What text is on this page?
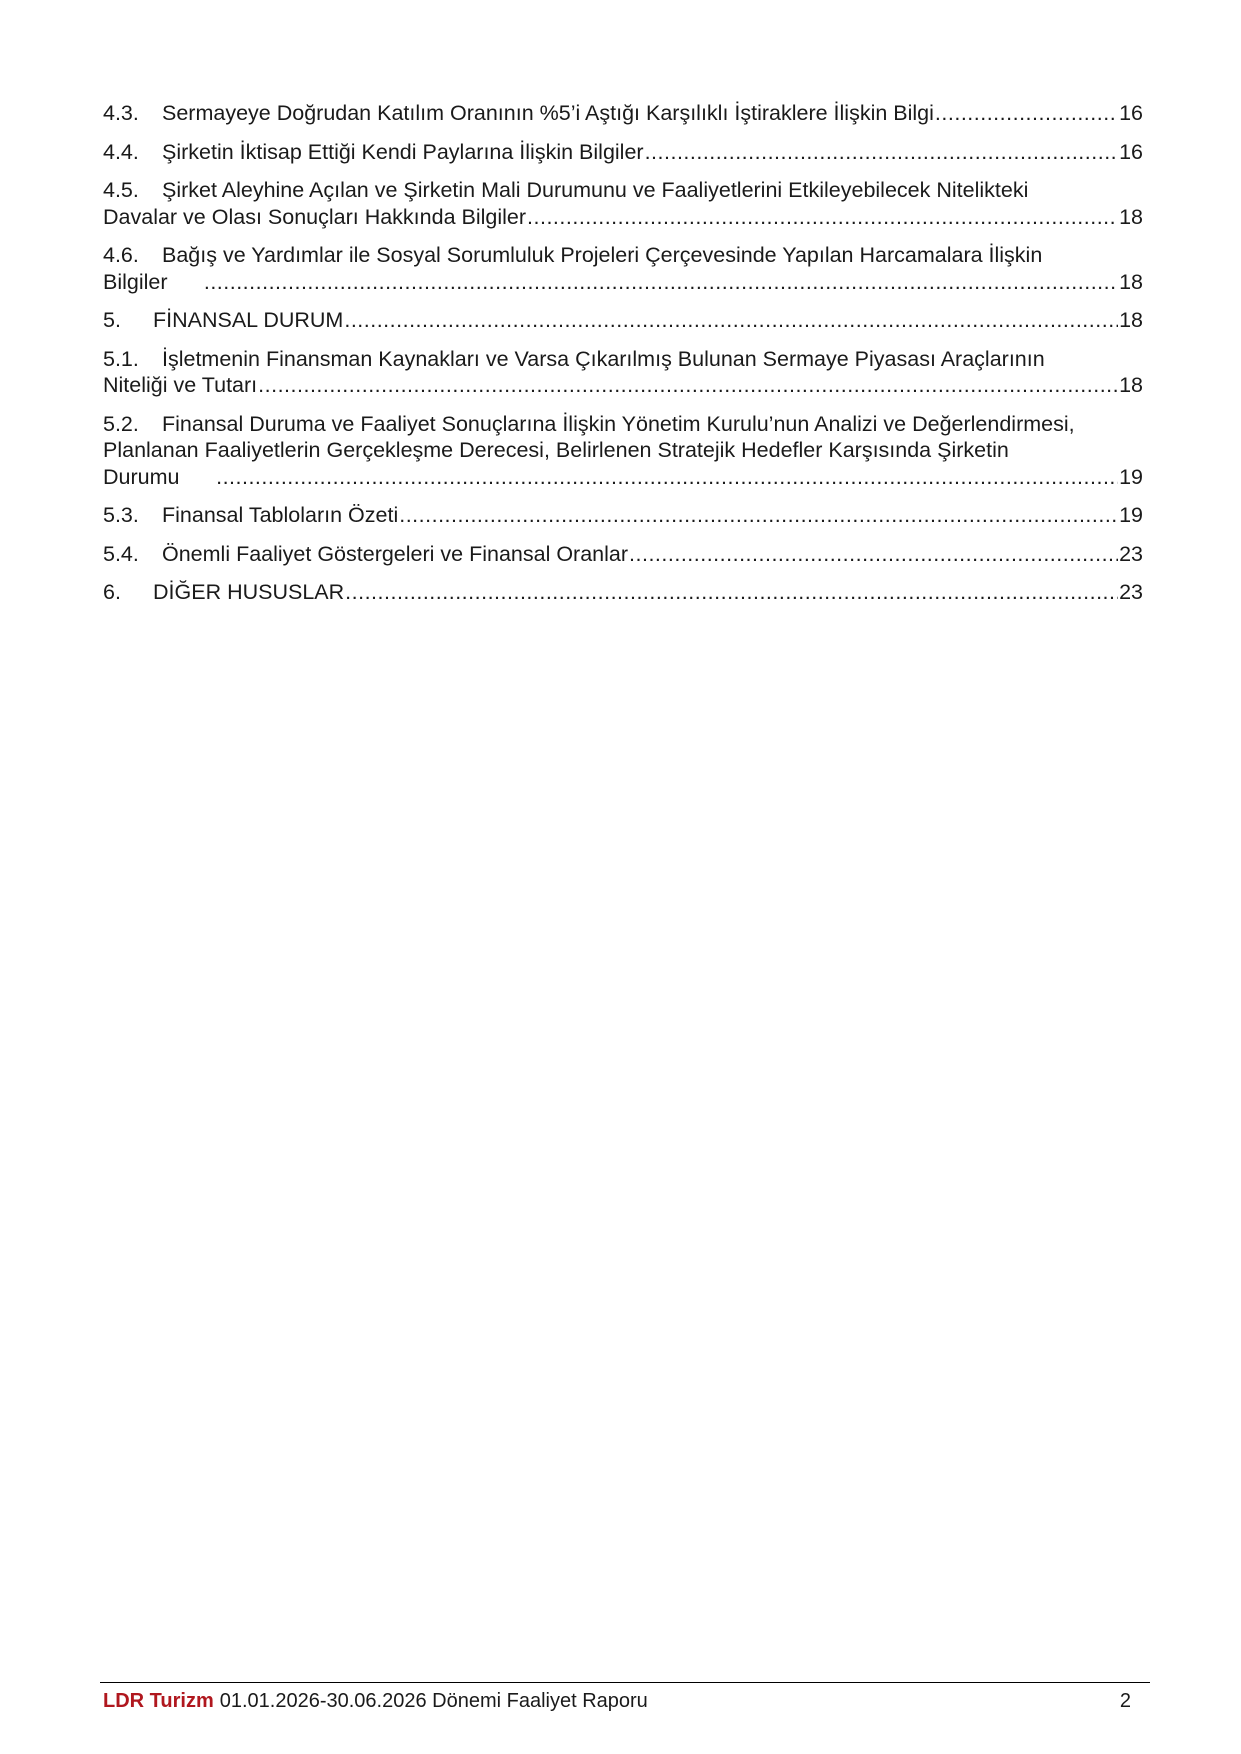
4.3.	Sermayeye Doğrudan Katılım Oranının %5’i Aştığı Karşılıklı İştiraklere İlişkin Bilgi .....	16
4.4.	Şirketin İktisap Ettiği Kendi Paylarına İlişkin Bilgiler .....	16
4.5.	Şirket Aleyhine Açılan ve Şirketin Mali Durumunu ve Faaliyetlerini Etkileyebilecek Nitelikteki
Davalar ve Olası Sonuçları Hakkında Bilgiler .....	18
4.6.	Bağış ve Yardımlar ile Sosyal Sorumluluk Projeleri Çerçevesinde Yapılan Harcamalara İlişkin
Bilgiler .....	18
5.	FİNANSAL DURUM .....	18
5.1.	İşletmenin Finansman Kaynakları ve Varsa Çıkarılmış Bulunan Sermaye Piyasası Araçlarının
Niteliği ve Tutarı .....	18
5.2.	Finansal Duruma ve Faaliyet Sonuçlarına İlişkin Yönetim Kurulu’nun Analizi ve Değerlendirmesi,
Planlanan Faaliyetlerin Gerçekleşme Derecesi, Belirlenen Stratejik Hedefler Karşısında Şirketin
Durumu .....	19
5.3.	Finansal Tabloların Özeti .....	19
5.4.	Önemli Faaliyet Göstergeleri ve Finansal Oranlar .....	23
6.	DİĞER HUSUSLAR .....	23
LDR Turizm 01.01.2026-30.06.2026 Dönemi Faaliyet Raporu	2
